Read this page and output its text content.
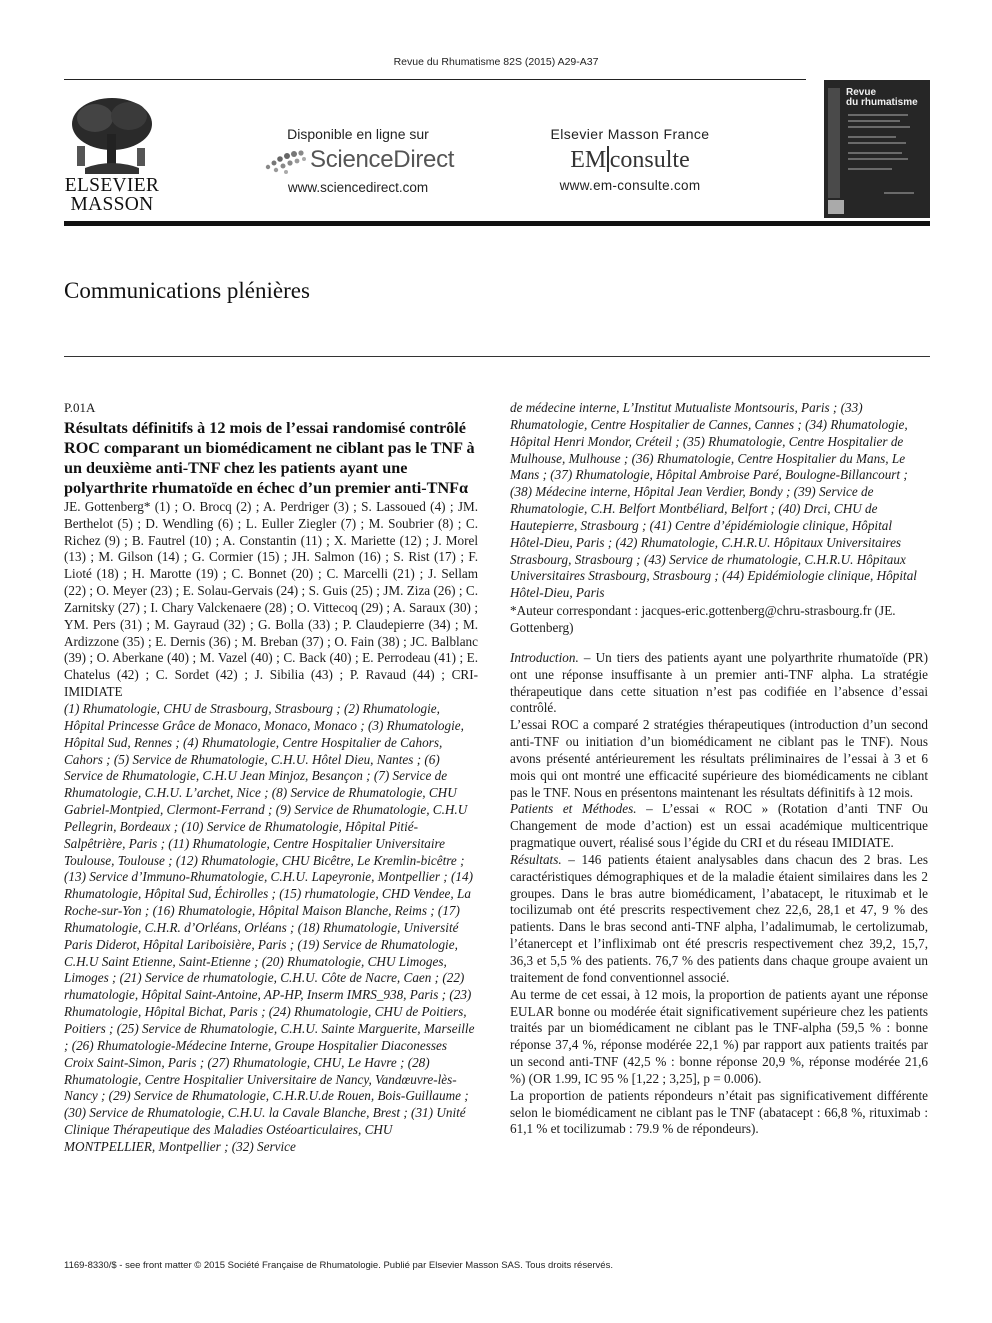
Revue du Rhumatisme 82S (2015) A29-A37
ELSEVIER
MASSON
Disponible en ligne sur
ScienceDirect
www.sciencedirect.com
Elsevier Masson France
EM consulte
www.em-consulte.com
Revue
du rhumatisme
Communications plénières
P.01A
Résultats définitifs à 12 mois de l’essai randomisé contrôlé ROC comparant un biomédicament ne ciblant pas le TNF à un deuxième anti-TNF chez les patients ayant une polyarthrite rhumatoïde en échec d’un premier anti-TNFα
JE. Gottenberg* (1) ; O. Brocq (2) ; A. Perdriger (3) ; S. Lassoued (4) ; JM. Berthelot (5) ; D. Wendling (6) ; L. Euller Ziegler (7) ; M. Soubrier (8) ; C. Richez (9) ; B. Fautrel (10) ; A. Constantin (11) ; X. Mariette (12) ; J. Morel (13) ; M. Gilson (14) ; G. Cormier (15) ; JH. Salmon (16) ; S. Rist (17) ; F. Lioté (18) ; H. Marotte (19) ; C. Bonnet (20) ; C. Marcelli (21) ; J. Sellam (22) ; O. Meyer (23) ; E. Solau-Gervais (24) ; S. Guis (25) ; JM. Ziza (26) ; C. Zarnitsky (27) ; I. Chary Valckenaere (28) ; O. Vittecoq (29) ; A. Saraux (30) ; YM. Pers (31) ; M. Gayraud (32) ; G. Bolla (33) ; P. Claudepierre (34) ; M. Ardizzone (35) ; E. Dernis (36) ; M. Breban (37) ; O. Fain (38) ; JC. Balblanc (39) ; O. Aberkane (40) ; M. Vazel (40) ; C. Back (40) ; E. Perrodeau (41) ; E. Chatelus (42) ; C. Sordet (42) ; J. Sibilia (43) ; P. Ravaud (44) ; CRI-IMIDIATE
(1) Rhumatologie, CHU de Strasbourg, Strasbourg ; (2) Rhumatologie, Hôpital Princesse Grâce de Monaco, Monaco, Monaco ; (3) Rhumatologie, Hôpital Sud, Rennes ; (4) Rhumatologie, Centre Hospitalier de Cahors, Cahors ; (5) Service de Rhumatologie, C.H.U. Hôtel Dieu, Nantes ; (6) Service de Rhumatologie, C.H.U Jean Minjoz, Besançon ; (7) Service de Rhumatologie, C.H.U. L’archet, Nice ; (8) Service de Rhumatologie, CHU Gabriel-Montpied, Clermont-Ferrand ; (9) Service de Rhumatologie, C.H.U Pellegrin, Bordeaux ; (10) Service de Rhumatologie, Hôpital Pitié-Salpêtrière, Paris ; (11) Rhumatologie, Centre Hospitalier Universitaire Toulouse, Toulouse ; (12) Rhumatologie, CHU Bicêtre, Le Kremlin-bicêtre ; (13) Service d’Immuno-Rhumatologie, C.H.U. Lapeyronie, Montpellier ; (14) Rhumatologie, Hôpital Sud, Échirolles ; (15) rhumatologie, CHD Vendee, La Roche-sur-Yon ; (16) Rhumatologie, Hôpital Maison Blanche, Reims ; (17) Rhumatologie, C.H.R. d’Orléans, Orléans ; (18) Rhumatologie, Université Paris Diderot, Hôpital Lariboisière, Paris ; (19) Service de Rhumatologie, C.H.U Saint Etienne, Saint-Etienne ; (20) Rhumatologie, CHU Limoges, Limoges ; (21) Service de rhumatologie, C.H.U. Côte de Nacre, Caen ; (22) rhumatologie, Hôpital Saint-Antoine, AP-HP, Inserm IMRS_938, Paris ; (23) Rhumatologie, Hôpital Bichat, Paris ; (24) Rhumatologie, CHU de Poitiers, Poitiers ; (25) Service de Rhumatologie, C.H.U. Sainte Marguerite, Marseille ; (26) Rhumatologie-Médecine Interne, Groupe Hospitalier Diaconesses Croix Saint-Simon, Paris ; (27) Rhumatologie, CHU, Le Havre ; (28) Rhumatologie, Centre Hospitalier Universitaire de Nancy, Vandœuvre-lès-Nancy ; (29) Service de Rhumatologie, C.H.R.U.de Rouen, Bois-Guillaume ; (30) Service de Rhumatologie, C.H.U. la Cavale Blanche, Brest ; (31) Unité Clinique Thérapeutique des Maladies Ostéoarticulaires, CHU MONTPELLIER, Montpellier ; (32) Service
de médecine interne, L’Institut Mutualiste Montsouris, Paris ; (33) Rhumatologie, Centre Hospitalier de Cannes, Cannes ; (34) Rhumatologie, Hôpital Henri Mondor, Créteil ; (35) Rhumatologie, Centre Hospitalier de Mulhouse, Mulhouse ; (36) Rhumatologie, Centre Hospitalier du Mans, Le Mans ; (37) Rhumatologie, Hôpital Ambroise Paré, Boulogne-Billancourt ; (38) Médecine interne, Hôpital Jean Verdier, Bondy ; (39) Service de Rhumatologie, C.H. Belfort Montbéliard, Belfort ; (40) Drci, CHU de Hautepierre, Strasbourg ; (41) Centre d’épidémiologie clinique, Hôpital Hôtel-Dieu, Paris ; (42) Rhumatologie, C.H.R.U. Hôpitaux Universitaires Strasbourg, Strasbourg ; (43) Service de rhumatologie, C.H.R.U. Hôpitaux Universitaires Strasbourg, Strasbourg ; (44) Epidémiologie clinique, Hôpital Hôtel-Dieu, Paris
*Auteur correspondant : jacques-eric.gottenberg@chru-strasbourg.fr (JE. Gottenberg)

Introduction. – Un tiers des patients ayant une polyarthrite rhumatoïde (PR) ont une réponse insuffisante à un premier anti-TNF alpha. La stratégie thérapeutique dans cette situation n’est pas codifiée en l’absence d’essai contrôlé.

L’essai ROC a comparé 2 stratégies thérapeutiques (introduction d’un second anti-TNF ou initiation d’un biomédicament ne ciblant pas le TNF). Nous avons présenté antérieurement les résultats préliminaires de l’essai à 3 et 6 mois qui ont montré une efficacité supérieure des biomédicaments ne ciblant pas le TNF. Nous en présentons maintenant les résultats définitifs à 12 mois.

Patients et Méthodes. – L’essai « ROC » (Rotation d’anti TNF Ou Changement de mode d’action) est un essai académique multicentrique pragmatique ouvert, réalisé sous l’égide du CRI et du réseau IMIDIATE.

Résultats. – 146 patients étaient analysables dans chacun des 2 bras. Les caractéristiques démographiques et de la maladie étaient similaires dans les 2 groupes. Dans le bras autre biomédicament, l’abatacept, le rituximab et le tocilizumab ont été prescrits respectivement chez 22,6, 28,1 et 47, 9 % des patients. Dans le bras second anti-TNF alpha, l’adalimumab, le certolizumab, l’étanercept et l’infliximab ont été prescris respectivement chez 39,2, 15,7, 36,3 et 5,5 % des patients. 76,7 % des patients dans chaque groupe avaient un traitement de fond conventionnel associé.

Au terme de cet essai, à 12 mois, la proportion de patients ayant une réponse EULAR bonne ou modérée était significativement supérieure chez les patients traités par un biomédicament ne ciblant pas le TNF-alpha (59,5 % : bonne réponse 37,4 %, réponse modérée 22,1 %) par rapport aux patients traités par un second anti-TNF (42,5 % : bonne réponse 20,9 %, réponse modérée 21,6 %) (OR 1.99, IC 95 % [1,22 ; 3,25], p = 0.006).

La proportion de patients répondeurs n’était pas significativement différente selon le biomédicament ne ciblant pas le TNF (abatacept : 66,8 %, rituximab : 61,1 % et tocilizumab : 79.9 % de répondeurs).

1169-8330/$ - see front matter © 2015 Société Française de Rhumatologie. Publié par Elsevier Masson SAS. Tous droits réservés.
